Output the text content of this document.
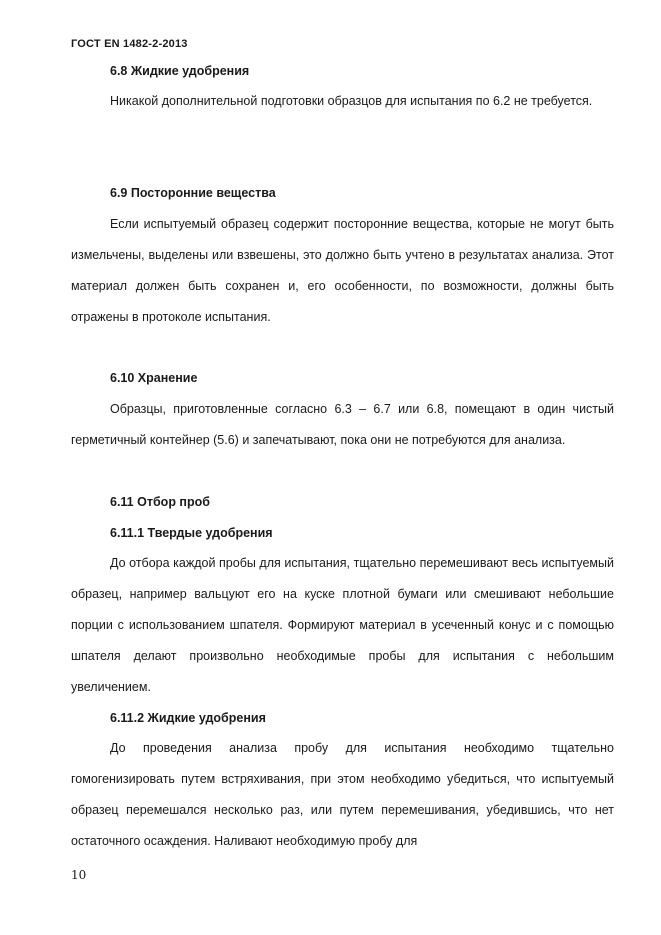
ГОСТ EN 1482-2-2013
6.8 Жидкие удобрения

Никакой дополнительной подготовки образцов для испытания по 6.2 не требуется.

6.9 Посторонние вещества

Если испытуемый образец содержит посторонние вещества, которые не могут быть измельчены, выделены или взвешены, это должно быть учтено в результатах анализа. Этот материал должен быть сохранен и, его особенности, по возможности, должны быть отражены в протоколе испытания.

6.10 Хранение

Образцы, приготовленные согласно 6.3 – 6.7 или 6.8, помещают в один чистый герметичный контейнер (5.6) и запечатывают, пока они не потребуются для анализа.

6.11 Отбор проб
6.11.1 Твердые удобрения

До отбора каждой пробы для испытания, тщательно перемешивают весь испытуемый образец, например вальцуют его на куске плотной бумаги или смешивают небольшие порции с использованием шпателя. Формируют материал в усеченный конус и с помощью шпателя делают произвольно необходимые пробы для испытания с небольшим увеличением.

6.11.2 Жидкие удобрения

До проведения анализа пробу для испытания необходимо тщательно гомогенизировать путем встряхивания, при этом необходимо убедиться, что испытуемый образец перемешался несколько раз, или путем перемешивания, убедившись, что нет остаточного осаждения. Наливают необходимую пробу для

10
